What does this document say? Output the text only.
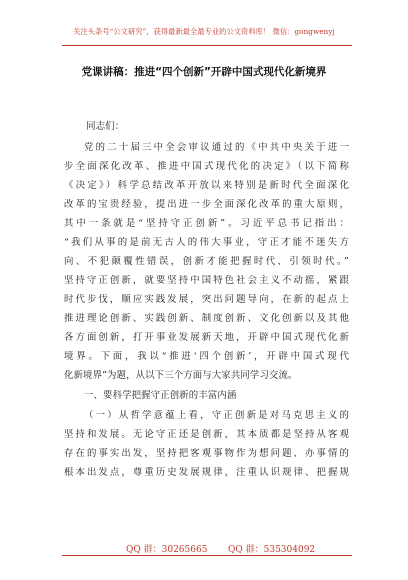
关注头条号“公文研究”，获得最新最全最专业的公文资料库！ 微信：gongwenyj
党课讲稿：推进“四个创新”开辟中国式现代化新境界
同志们：
党的二十届三中全会审议通过的《中共中央关于进一
步全面深化改革、推进中国式现代化的决定》（以下简称
《决定》）科学总结改革开放以来特别是新时代全面深化
改革的宝贵经验，提出进一步全面深化改革的重大原则，
其中一条就是“坚持守正创新”。习近平总书记指出：
“我们从事的是前无古人的伟大事业，守正才能不迷失方
向、不犯颠覆性错误，创新才能把握时代、引领时代。”
坚持守正创新，就要坚持中国特色社会主义不动摇，紧跟
时代步伐，顺应实践发展，突出问题导向，在新的起点上
推进理论创新、实践创新、制度创新、文化创新以及其他
各方面创新，打开事业发展新天地，开辟中国式现代化新
境界。下面，我以“推进‘四个创新’，开辟中国式现代
化新境界”为题，从以下三个方面与大家共同学习交流。
一、要科学把握守正创新的丰富内涵
（一）从哲学意蕴上看，守正创新是对马克思主义的
坚持和发展。无论守正还是创新，其本质都是坚持从客观
存在的事实出发，坚持把客观事物作为想问题、办事情的
根本出发点，尊重历史发展规律，注重认识规律、把握规
QQ 群：30265665 QQ 群：535304092
